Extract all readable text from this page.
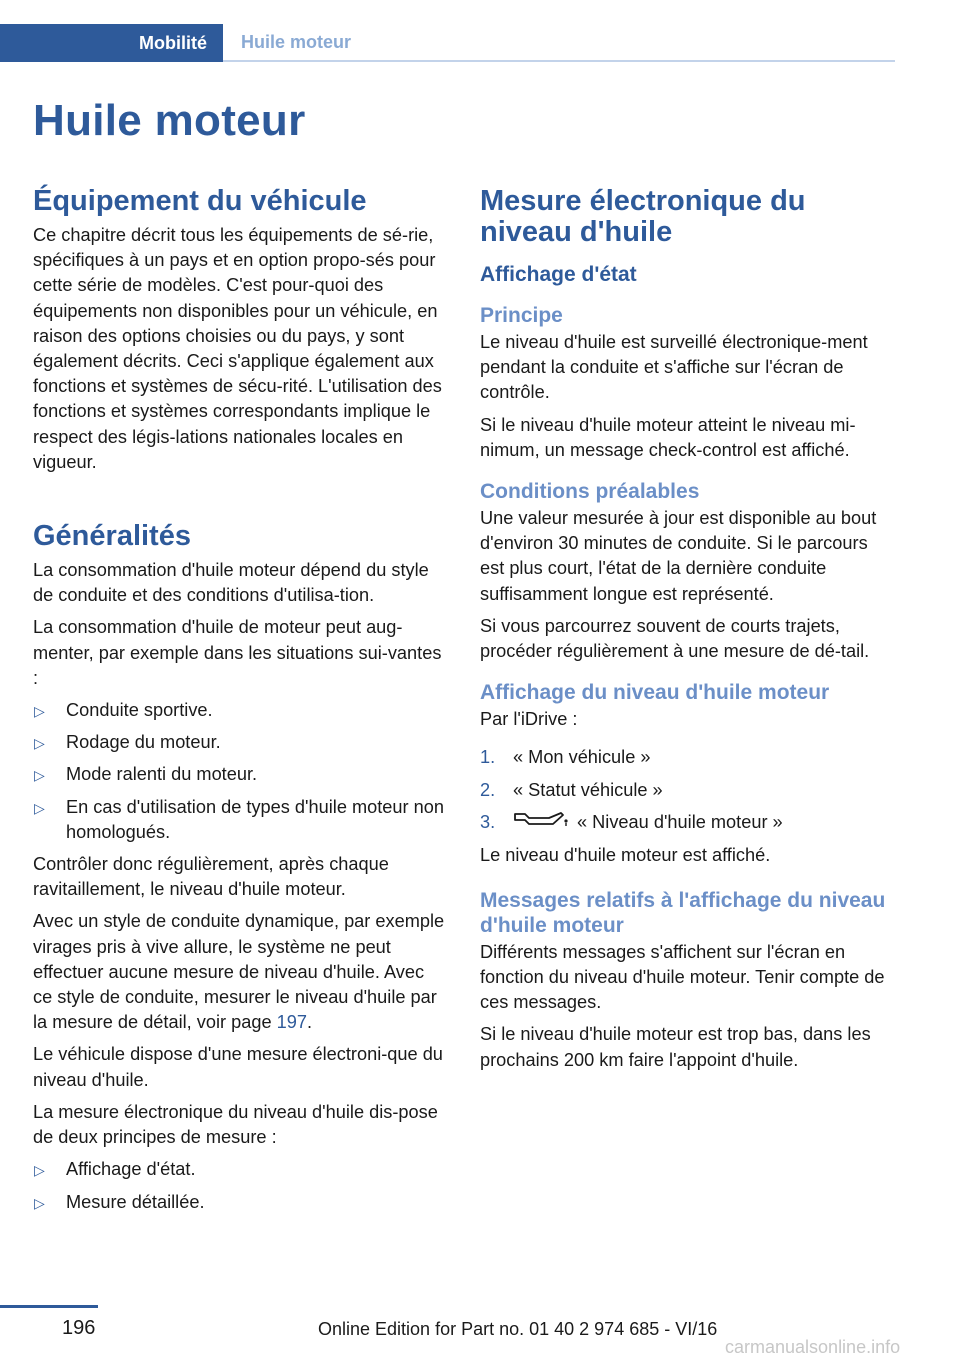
Mobilité	Huile moteur
Huile moteur
Équipement du véhicule

Ce chapitre décrit tous les équipements de sé‐rie, spécifiques à un pays et en option propo‐sés pour cette série de modèles. C'est pour‐quoi des équipements non disponibles pour un véhicule, en raison des options choisies ou du pays, y sont également décrits. Ceci s'applique également aux fonctions et systèmes de sécu‐rité. L'utilisation des fonctions et systèmes correspondants implique le respect des légis‐lations nationales locales en vigueur.

Généralités

La consommation d'huile moteur dépend du style de conduite et des conditions d'utilisa‐tion.

La consommation d'huile de moteur peut aug‐menter, par exemple dans les situations sui‐vantes :

▷ Conduite sportive.
▷ Rodage du moteur.
▷ Mode ralenti du moteur.
▷ En cas d'utilisation de types d'huile moteur non homologués.

Contrôler donc régulièrement, après chaque ravitaillement, le niveau d'huile moteur.

Avec un style de conduite dynamique, par exemple virages pris à vive allure, le système ne peut effectuer aucune mesure de niveau d'huile. Avec ce style de conduite, mesurer le niveau d'huile par la mesure de détail, voir page 197.

Le véhicule dispose d'une mesure électroni‐que du niveau d'huile.

La mesure électronique du niveau d'huile dis‐pose de deux principes de mesure :

▷ Affichage d'état.
▷ Mesure détaillée.
Mesure électronique du niveau d'huile
Affichage d'état
Principe

Le niveau d'huile est surveillé électronique‐ment pendant la conduite et s'affiche sur l'écran de contrôle.

Si le niveau d'huile moteur atteint le niveau mi‐nimum, un message check-control est affiché.

Conditions préalables

Une valeur mesurée à jour est disponible au bout d'environ 30 minutes de conduite. Si le parcours est plus court, l'état de la dernière conduite suffisamment longue est représenté.

Si vous parcourrez souvent de courts trajets, procéder régulièrement à une mesure de dé‐tail.

Affichage du niveau d'huile moteur

Par l'iDrive :

1. « Mon véhicule »
2. « Statut véhicule »
3.	« Niveau d'huile moteur »

Le niveau d'huile moteur est affiché.

Messages relatifs à l'affichage du niveau d'huile moteur

Différents messages s'affichent sur l'écran en fonction du niveau d'huile moteur. Tenir compte de ces messages.

Si le niveau d'huile moteur est trop bas, dans les prochains 200 km faire l'appoint d'huile.

196	Online Edition for Part no. 01 40 2 974 685 - VI/16
carmanualsonline.info
